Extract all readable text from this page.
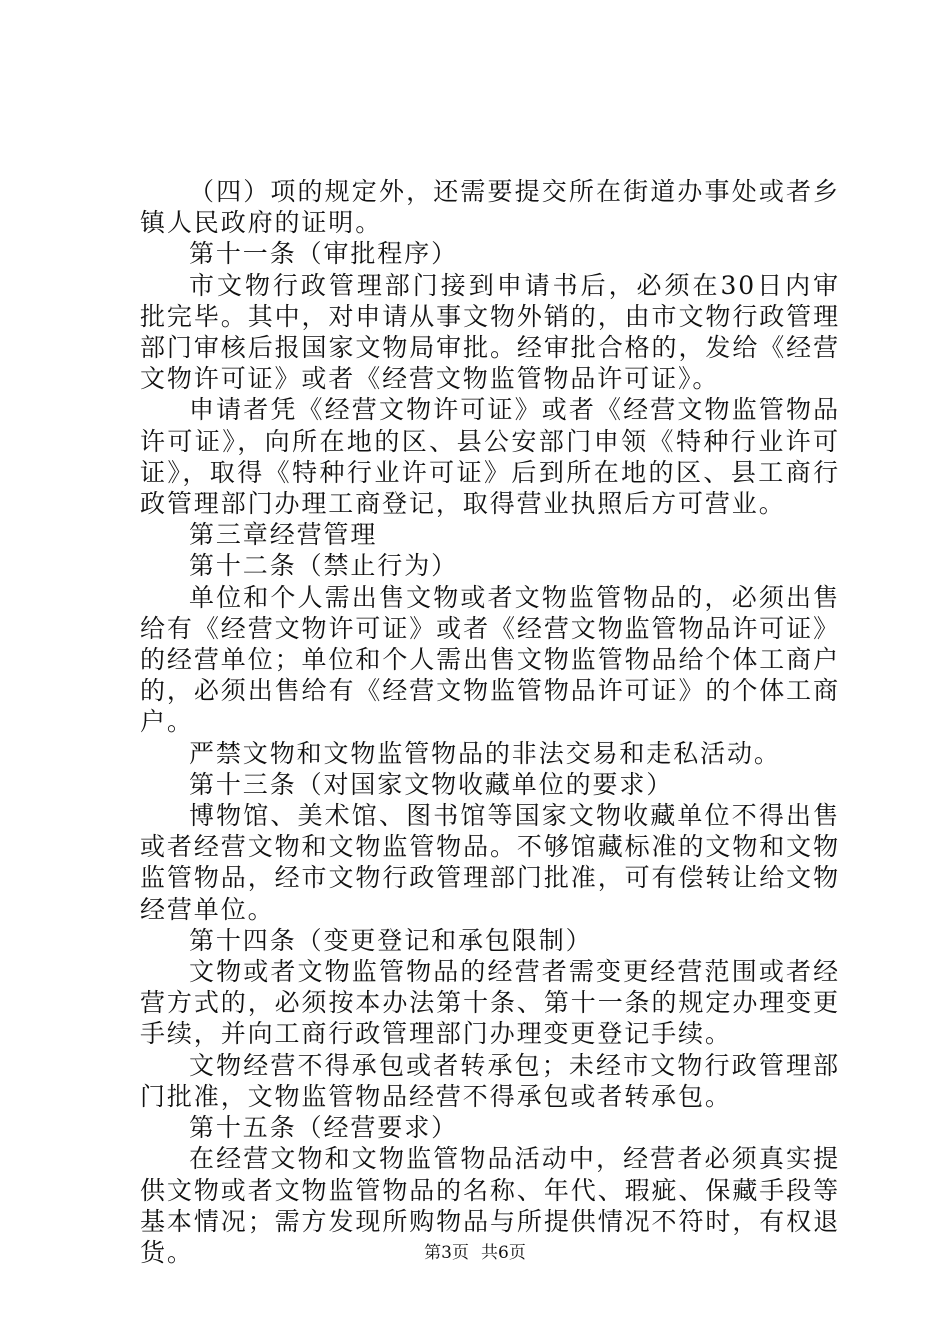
（四）项的规定外，还需要提交所在街道办事处或者乡镇人民政府的证明。

第十一条（审批程序）

市文物行政管理部门接到申请书后，必须在30日内审批完毕。其中，对申请从事文物外销的，由市文物行政管理部门审核后报国家文物局审批。经审批合格的，发给《经营文物许可证》或者《经营文物监管物品许可证》。

申请者凭《经营文物许可证》或者《经营文物监管物品许可证》，向所在地的区、县公安部门申领《特种行业许可证》，取得《特种行业许可证》后到所在地的区、县工商行政管理部门办理工商登记，取得营业执照后方可营业。

第三章经营管理

第十二条（禁止行为）

单位和个人需出售文物或者文物监管物品的，必须出售给有《经营文物许可证》或者《经营文物监管物品许可证》的经营单位；单位和个人需出售文物监管物品给个体工商户的，必须出售给有《经营文物监管物品许可证》的个体工商户。

严禁文物和文物监管物品的非法交易和走私活动。

第十三条（对国家文物收藏单位的要求）

博物馆、美术馆、图书馆等国家文物收藏单位不得出售或者经营文物和文物监管物品。不够馆藏标准的文物和文物监管物品，经市文物行政管理部门批准，可有偿转让给文物经营单位。

第十四条（变更登记和承包限制）

文物或者文物监管物品的经营者需变更经营范围或者经营方式的，必须按本办法第十条、第十一条的规定办理变更手续，并向工商行政管理部门办理变更登记手续。

文物经营不得承包或者转承包；未经市文物行政管理部门批准，文物监管物品经营不得承包或者转承包。

第十五条（经营要求）

在经营文物和文物监管物品活动中，经营者必须真实提供文物或者文物监管物品的名称、年代、瑕疵、保藏手段等基本情况；需方发现所购物品与所提供情况不符时，有权退货。	第3页 共6页
